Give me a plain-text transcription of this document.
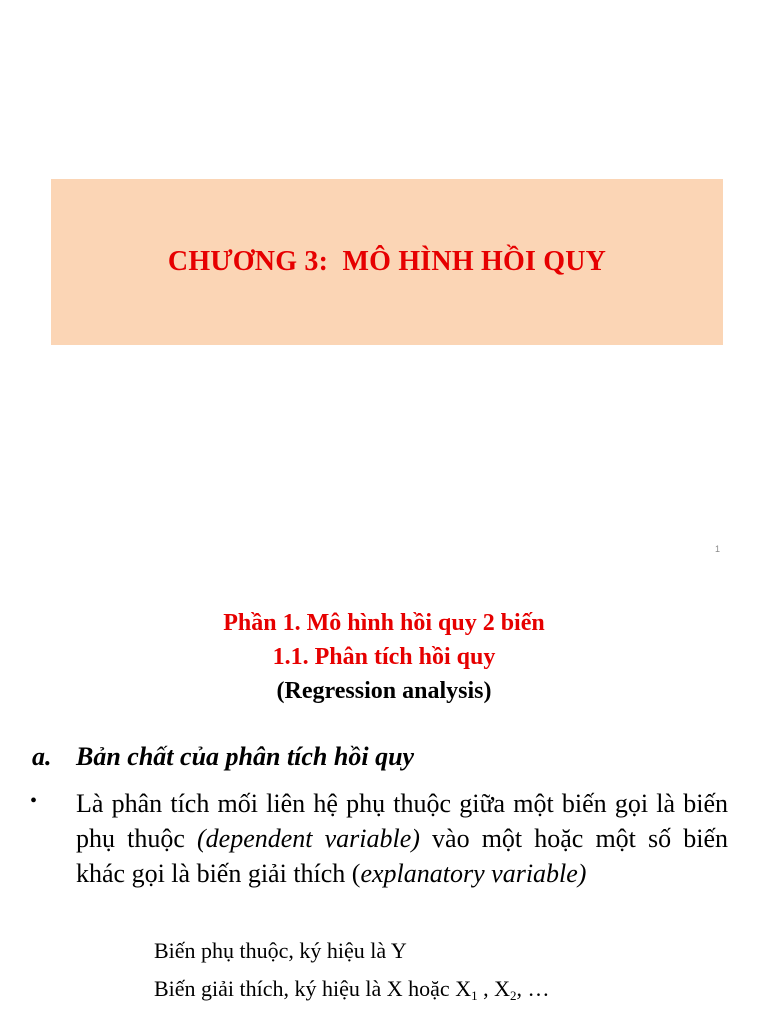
CHƯƠNG 3:  MÔ HÌNH HỒI QUY
1
Phần 1. Mô hình hồi quy 2 biến
1.1. Phân tích hồi quy
(Regression analysis)
a. Bản chất của phân tích hồi quy
• Là phân tích mối liên hệ phụ thuộc giữa một biến gọi là biến phụ thuộc (dependent variable) vào một hoặc một số biến khác gọi là biến giải thích (explanatory variable)
Biến phụ thuộc, ký hiệu là Y
Biến giải thích, ký hiệu là X hoặc $X_1$ , $X_2$, …
